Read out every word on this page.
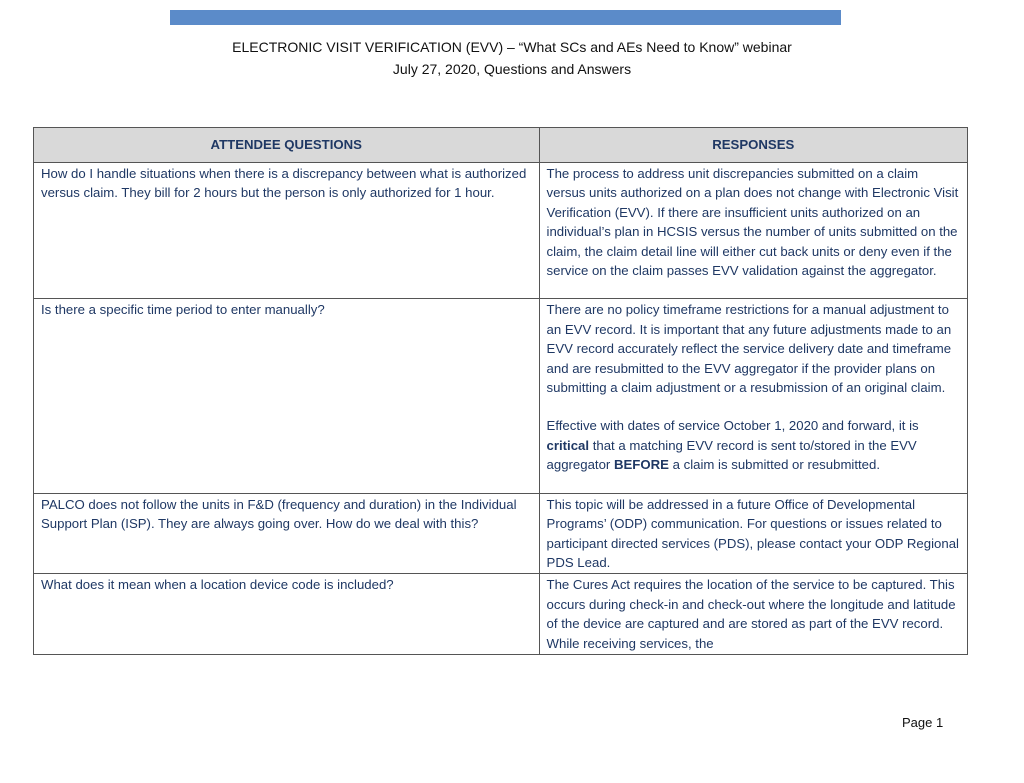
ELECTRONIC VISIT VERIFICATION (EVV) – “What SCs and AEs Need to Know” webinar
July 27, 2020, Questions and Answers
ATTENDEE QUESTIONS	RESPONSES
How do I handle situations when there is a discrepancy between what is authorized versus claim. They bill for 2 hours but the person is only authorized for 1 hour.	The process to address unit discrepancies submitted on a claim versus units authorized on a plan does not change with Electronic Visit Verification (EVV). If there are insufficient units authorized on an individual’s plan in HCSIS versus the number of units submitted on the claim, the claim detail line will either cut back units or deny even if the service on the claim passes EVV validation against the aggregator.

Is there a specific time period to enter manually?	There are no policy timeframe restrictions for a manual adjustment to an EVV record. It is important that any future adjustments made to an EVV record accurately reflect the service delivery date and timeframe and are resubmitted to the EVV aggregator if the provider plans on submitting a claim adjustment or a resubmission of an original claim.

Effective with dates of service October 1, 2020 and forward, it is critical that a matching EVV record is sent to/stored in the EVV aggregator BEFORE a claim is submitted or resubmitted.

PALCO does not follow the units in F&D (frequency and duration) in the Individual Support Plan (ISP). They are always going over. How do we deal with this?	This topic will be addressed in a future Office of Developmental Programs’ (ODP) communication. For questions or issues related to participant directed services (PDS), please contact your ODP Regional PDS Lead.

What does it mean when a location device code is included?	The Cures Act requires the location of the service to be captured. This occurs during check-in and check-out where the longitude and latitude of the device are captured and are stored as part of the EVV record. While receiving services, the

Page 1
